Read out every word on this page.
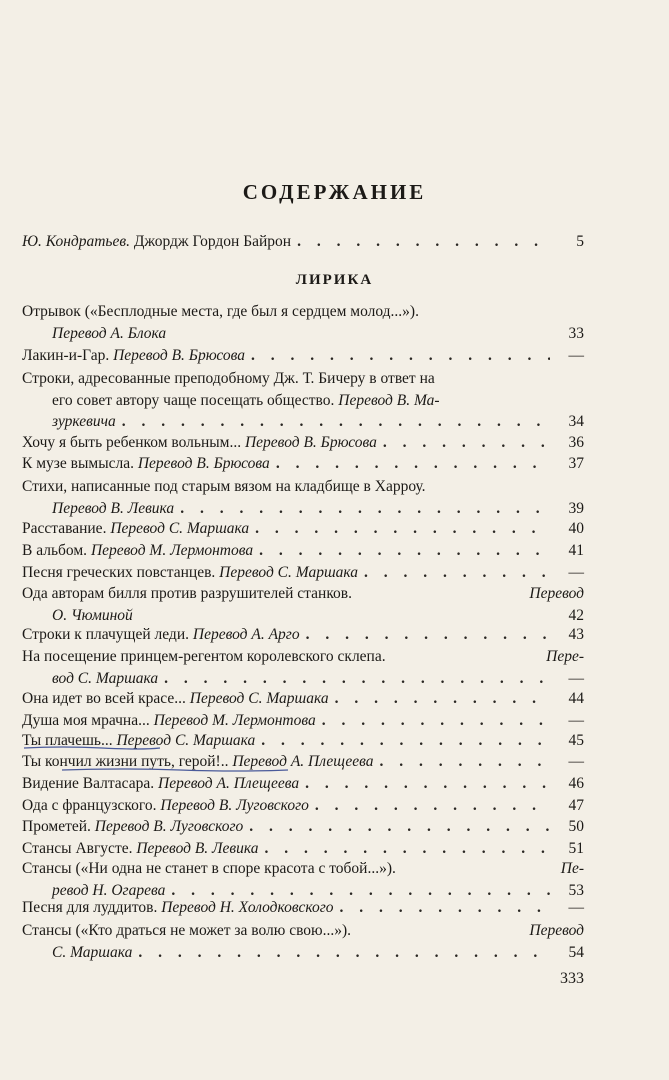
СОДЕРЖАНИЕ
Ю. Кондратьев.
Джордж Гордон Байрон . . .	5
ЛИРИКА
Отрывок («Бесплодные места, где был я сердцем молод...»).
Перевод А. Блока	33
Лакин-и-Гар.
Перевод В. Брюсова . . .	—
Строки, адресованные преподобному Дж. Т. Бичеру в ответ на
его совет автору чаще посещать общество.
Перевод В. Ма-
зуркевича . . .	34
Хочу я быть ребенком вольным...
Перевод В. Брюсова . . .	36
К музе вымысла.
Перевод В. Брюсова . . .	37
Стихи, написанные под старым вязом на кладбище в Харроу.
Перевод В. Левика . . .	39
Расставание.
Перевод С. Маршака . . .	40
В альбом.
Перевод М. Лермонтова . . .	41
Песня греческих повстанцев.
Перевод С. Маршака . . .	—
Ода авторам билля против разрушителей станков.	Перевод
О. Чюминой	42
Строки к плачущей леди.
Перевод А. Арго . . .	43
На посещение принцем-регентом королевского склепа.	Пере-
вод С. Маршака . . .	—
Она идет во всей красе...
Перевод С. Маршака . . .	44
Душа моя мрачна...
Перевод М. Лермонтова . . .	—
Ты плачешь...
Перевод С. Маршака . . .	45
Ты кончил жизни путь, герой!..
Перевод А. Плещеева . . .	—
Видение Валтасара.
Перевод А. Плещеева . . .	46
Ода с французского.
Перевод В. Луговского . . .	47
Прометей.
Перевод В. Луговского . . .	50
Стансы Августе.
Перевод В. Левика . . .	51
Стансы («Ни одна не станет в споре красота с тобой...»).	Пе-
ревод Н. Огарева . . .	53
Песня для луддитов.
Перевод Н. Холодковского . . .	—
Стансы («Кто драться не может за волю свою...»).	Перевод
С. Маршака . . .	54
333
